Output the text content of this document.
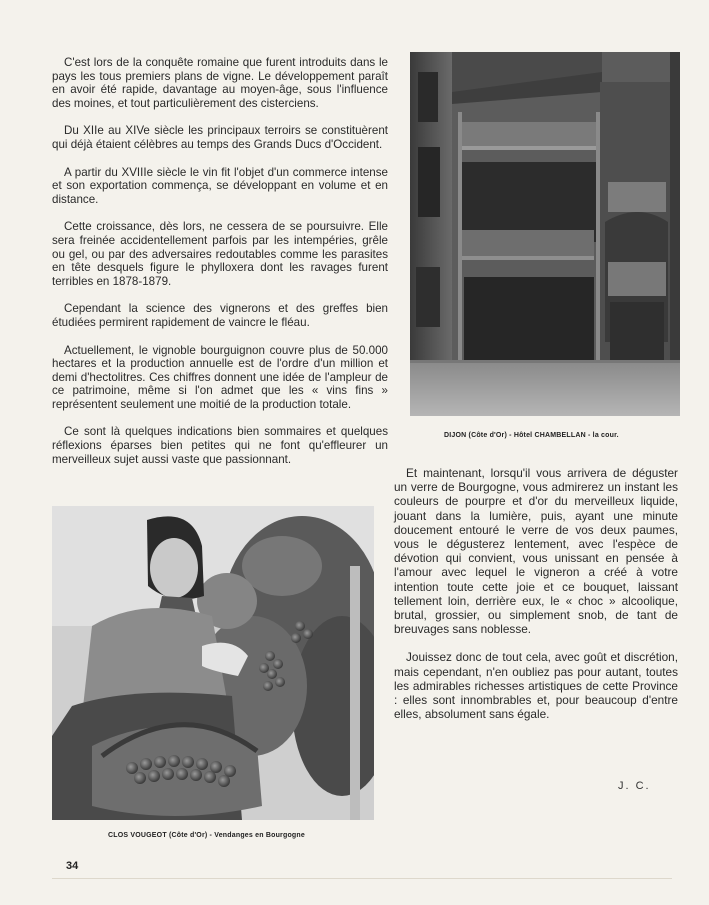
C'est lors de la conquête romaine que furent introduits dans le pays les tous premiers plans de vigne. Le développement paraît en avoir été rapide, davantage au moyen-âge, sous l'influence des moines, et tout particulièrement des cisterciens.

Du XIIe au XIVe siècle les principaux terroirs se constituèrent qui déjà étaient célèbres au temps des Grands Ducs d'Occident.

A partir du XVIIIe siècle le vin fit l'objet d'un commerce intense et son exportation commença, se développant en volume et en distance.

Cette croissance, dès lors, ne cessera de se poursuivre. Elle sera freinée accidentellement parfois par les intempéries, grêle ou gel, ou par des adversaires redoutables comme les parasites en tête desquels figure le phylloxera dont les ravages furent terribles en 1878-1879.

Cependant la science des vignerons et des greffes bien étudiées permirent rapidement de vaincre le fléau.

Actuellement, le vignoble bourguignon couvre plus de 50.000 hectares et la production annuelle est de l'ordre d'un million et demi d'hectolitres. Ces chiffres donnent une idée de l'ampleur de ce patrimoine, même si l'on admet que les « vins fins » représentent seulement une moitié de la production totale.

Ce sont là quelques indications bien sommaires et quelques réflexions éparses bien petites qui ne font qu'effleurer un merveilleux sujet aussi vaste que passionnant.

DIJON (Côte d'Or) - Hôtel CHAMBELLAN - la cour.

Et maintenant, lorsqu'il vous arrivera de déguster un verre de Bourgogne, vous admirerez un instant les couleurs de pourpre et d'or du merveilleux liquide, jouant dans la lumière, puis, ayant une minute doucement entouré le verre de vos deux paumes, vous le dégusterez lentement, avec l'espèce de dévotion qui convient, vous unissant en pensée à l'amour avec lequel le vigneron a créé à votre intention toute cette joie et ce bouquet, laissant tellement loin, derrière eux, le « choc » alcoolique, brutal, grossier, ou simplement snob, de tant de breuvages sans noblesse.

Jouissez donc de tout cela, avec goût et discrétion, mais cependant, n'en oubliez pas pour autant, toutes les admirables richesses artistiques de cette Province : elles sont innombrables et, pour beaucoup d'entre elles, absolument sans égale.

J. C.
CLOS VOUGEOT (Côte d'Or) - Vendanges en Bourgogne
34
